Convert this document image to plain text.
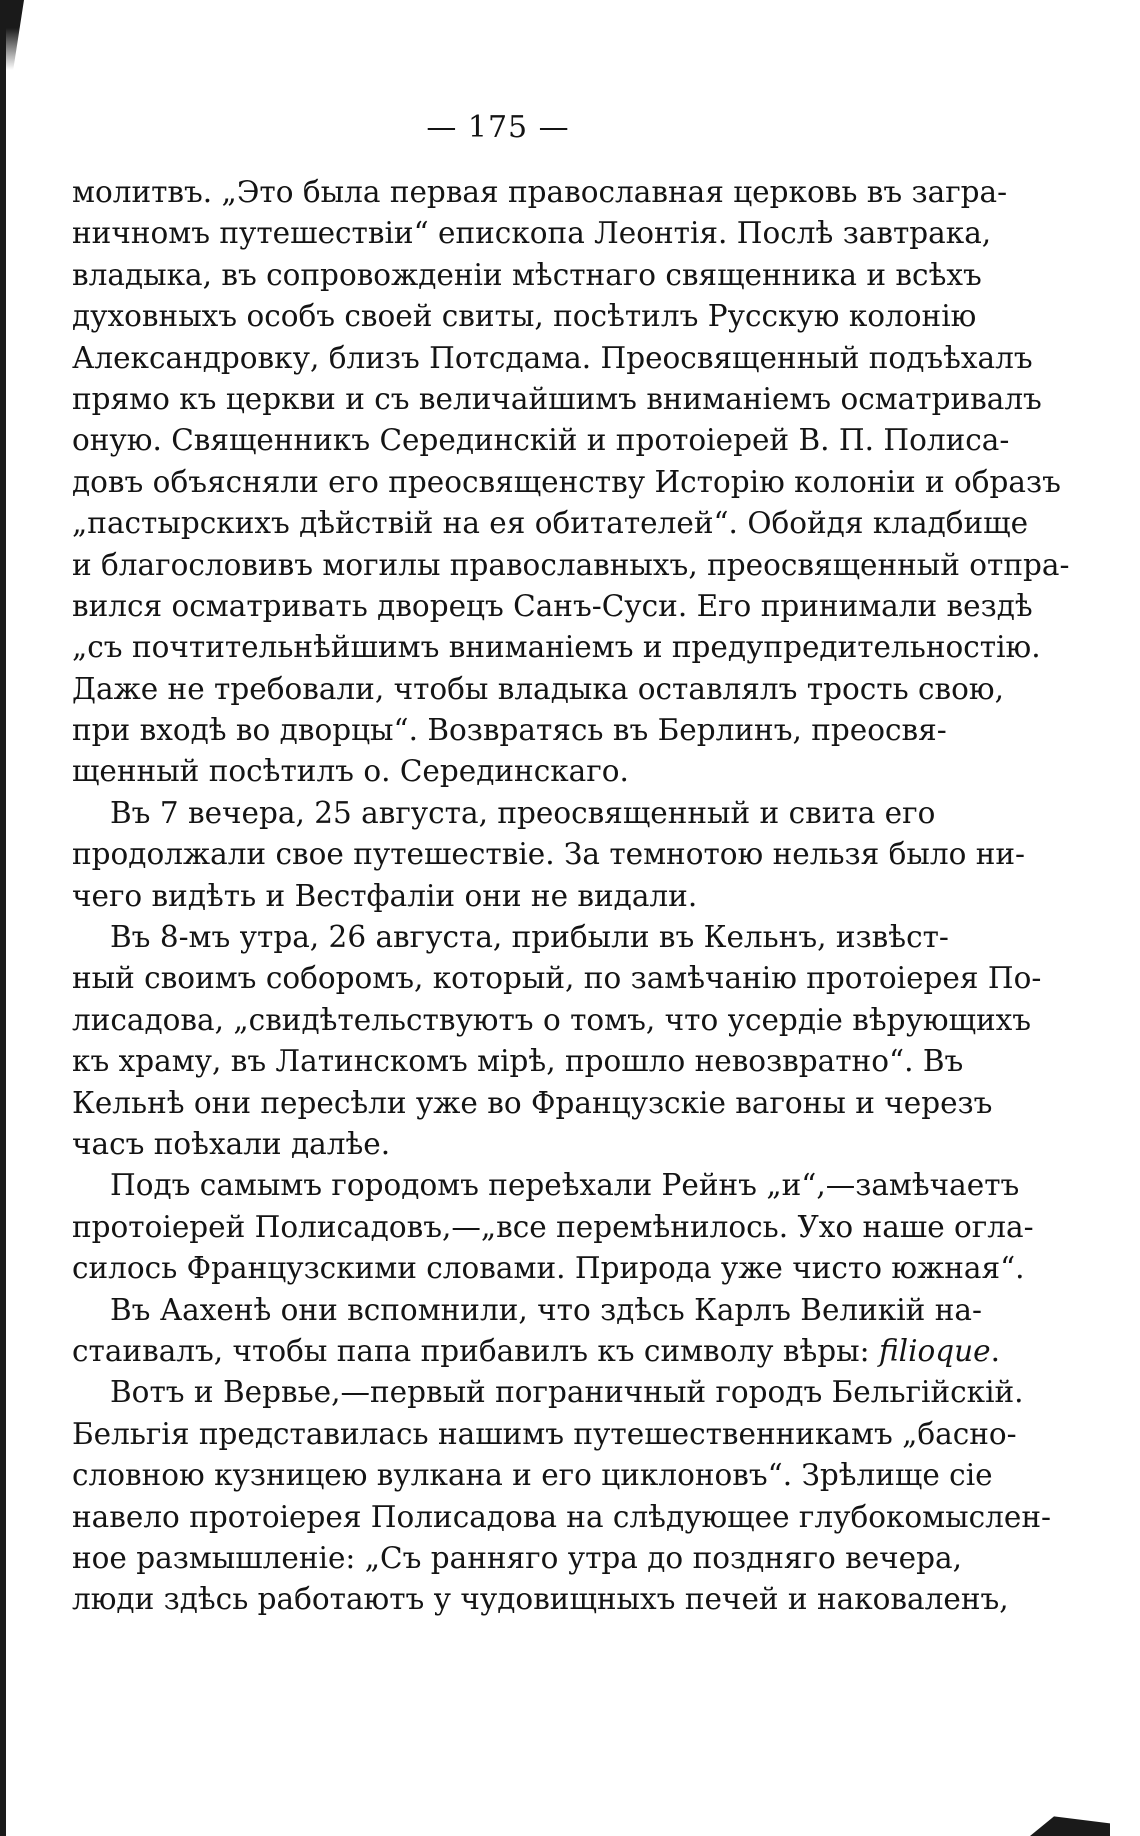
— 175 —
молитвъ. „Это была первая православная церковь въ загра-
ничномъ путешествіи“ епископа Леонтія. Послѣ завтрака,
владыка, въ сопровожденіи мѣстнаго священника и всѣхъ
духовныхъ особъ своей свиты, посѣтилъ Русскую колонію
Александровку, близъ Потсдама. Преосвященный подъѣхалъ
прямо къ церкви и съ величайшимъ вниманіемъ осматривалъ
оную. Священникъ Серединскій и протоіерей В. П. Полиса-
довъ объясняли его преосвященству Исторію колоніи и образъ
„пастырскихъ дѣйствій на ея обитателей“. Обойдя кладбище
и благословивъ могилы православныхъ, преосвященный отпра-
вился осматривать дворецъ Санъ-Суси. Его принимали вездѣ
„съ почтительнѣйшимъ вниманіемъ и предупредительностію.
Даже не требовали, чтобы владыка оставлялъ трость свою,
при входѣ во дворцы“. Возвратясь въ Берлинъ, преосвя-
щенный посѣтилъ о. Серединскаго.
Въ 7 вечера, 25 августа, преосвященный и свита его
продолжали свое путешествіе. За темнотою нельзя было ни-
чего видѣть и Вестфаліи они не видали.
Въ 8-мъ утра, 26 августа, прибыли въ Кельнъ, извѣст-
ный своимъ соборомъ, который, по замѣчанію протоіерея По-
лисадова, „свидѣтельствуютъ о томъ, что усердіе вѣрующихъ
къ храму, въ Латинскомъ мірѣ, прошло невозвратно“. Въ
Кельнѣ они пересѣли уже во Французскіе вагоны и черезъ
часъ поѣхали далѣе.
Подъ самымъ городомъ переѣхали Рейнъ „и“,—замѣчаетъ
протоіерей Полисадовъ,—„все перемѣнилось. Ухо наше огла-
силось Французскими словами. Природа уже чисто южная“.
Въ Аахенѣ они вспомнили, что здѣсь Карлъ Великій на-
стаивалъ, чтобы папа прибавилъ къ символу вѣры: filioque.
Вотъ и Вервье,—первый пограничный городъ Бельгійскій.
Бельгія представилась нашимъ путешественникамъ „басно-
словною кузницею вулкана и его циклоновъ“. Зрѣлище сіе
навело протоіерея Полисадова на слѣдующее глубокомыслен-
ное размышленіе: „Съ ранняго утра до поздняго вечера,
люди здѣсь работаютъ у чудовищныхъ печей и наковаленъ,
